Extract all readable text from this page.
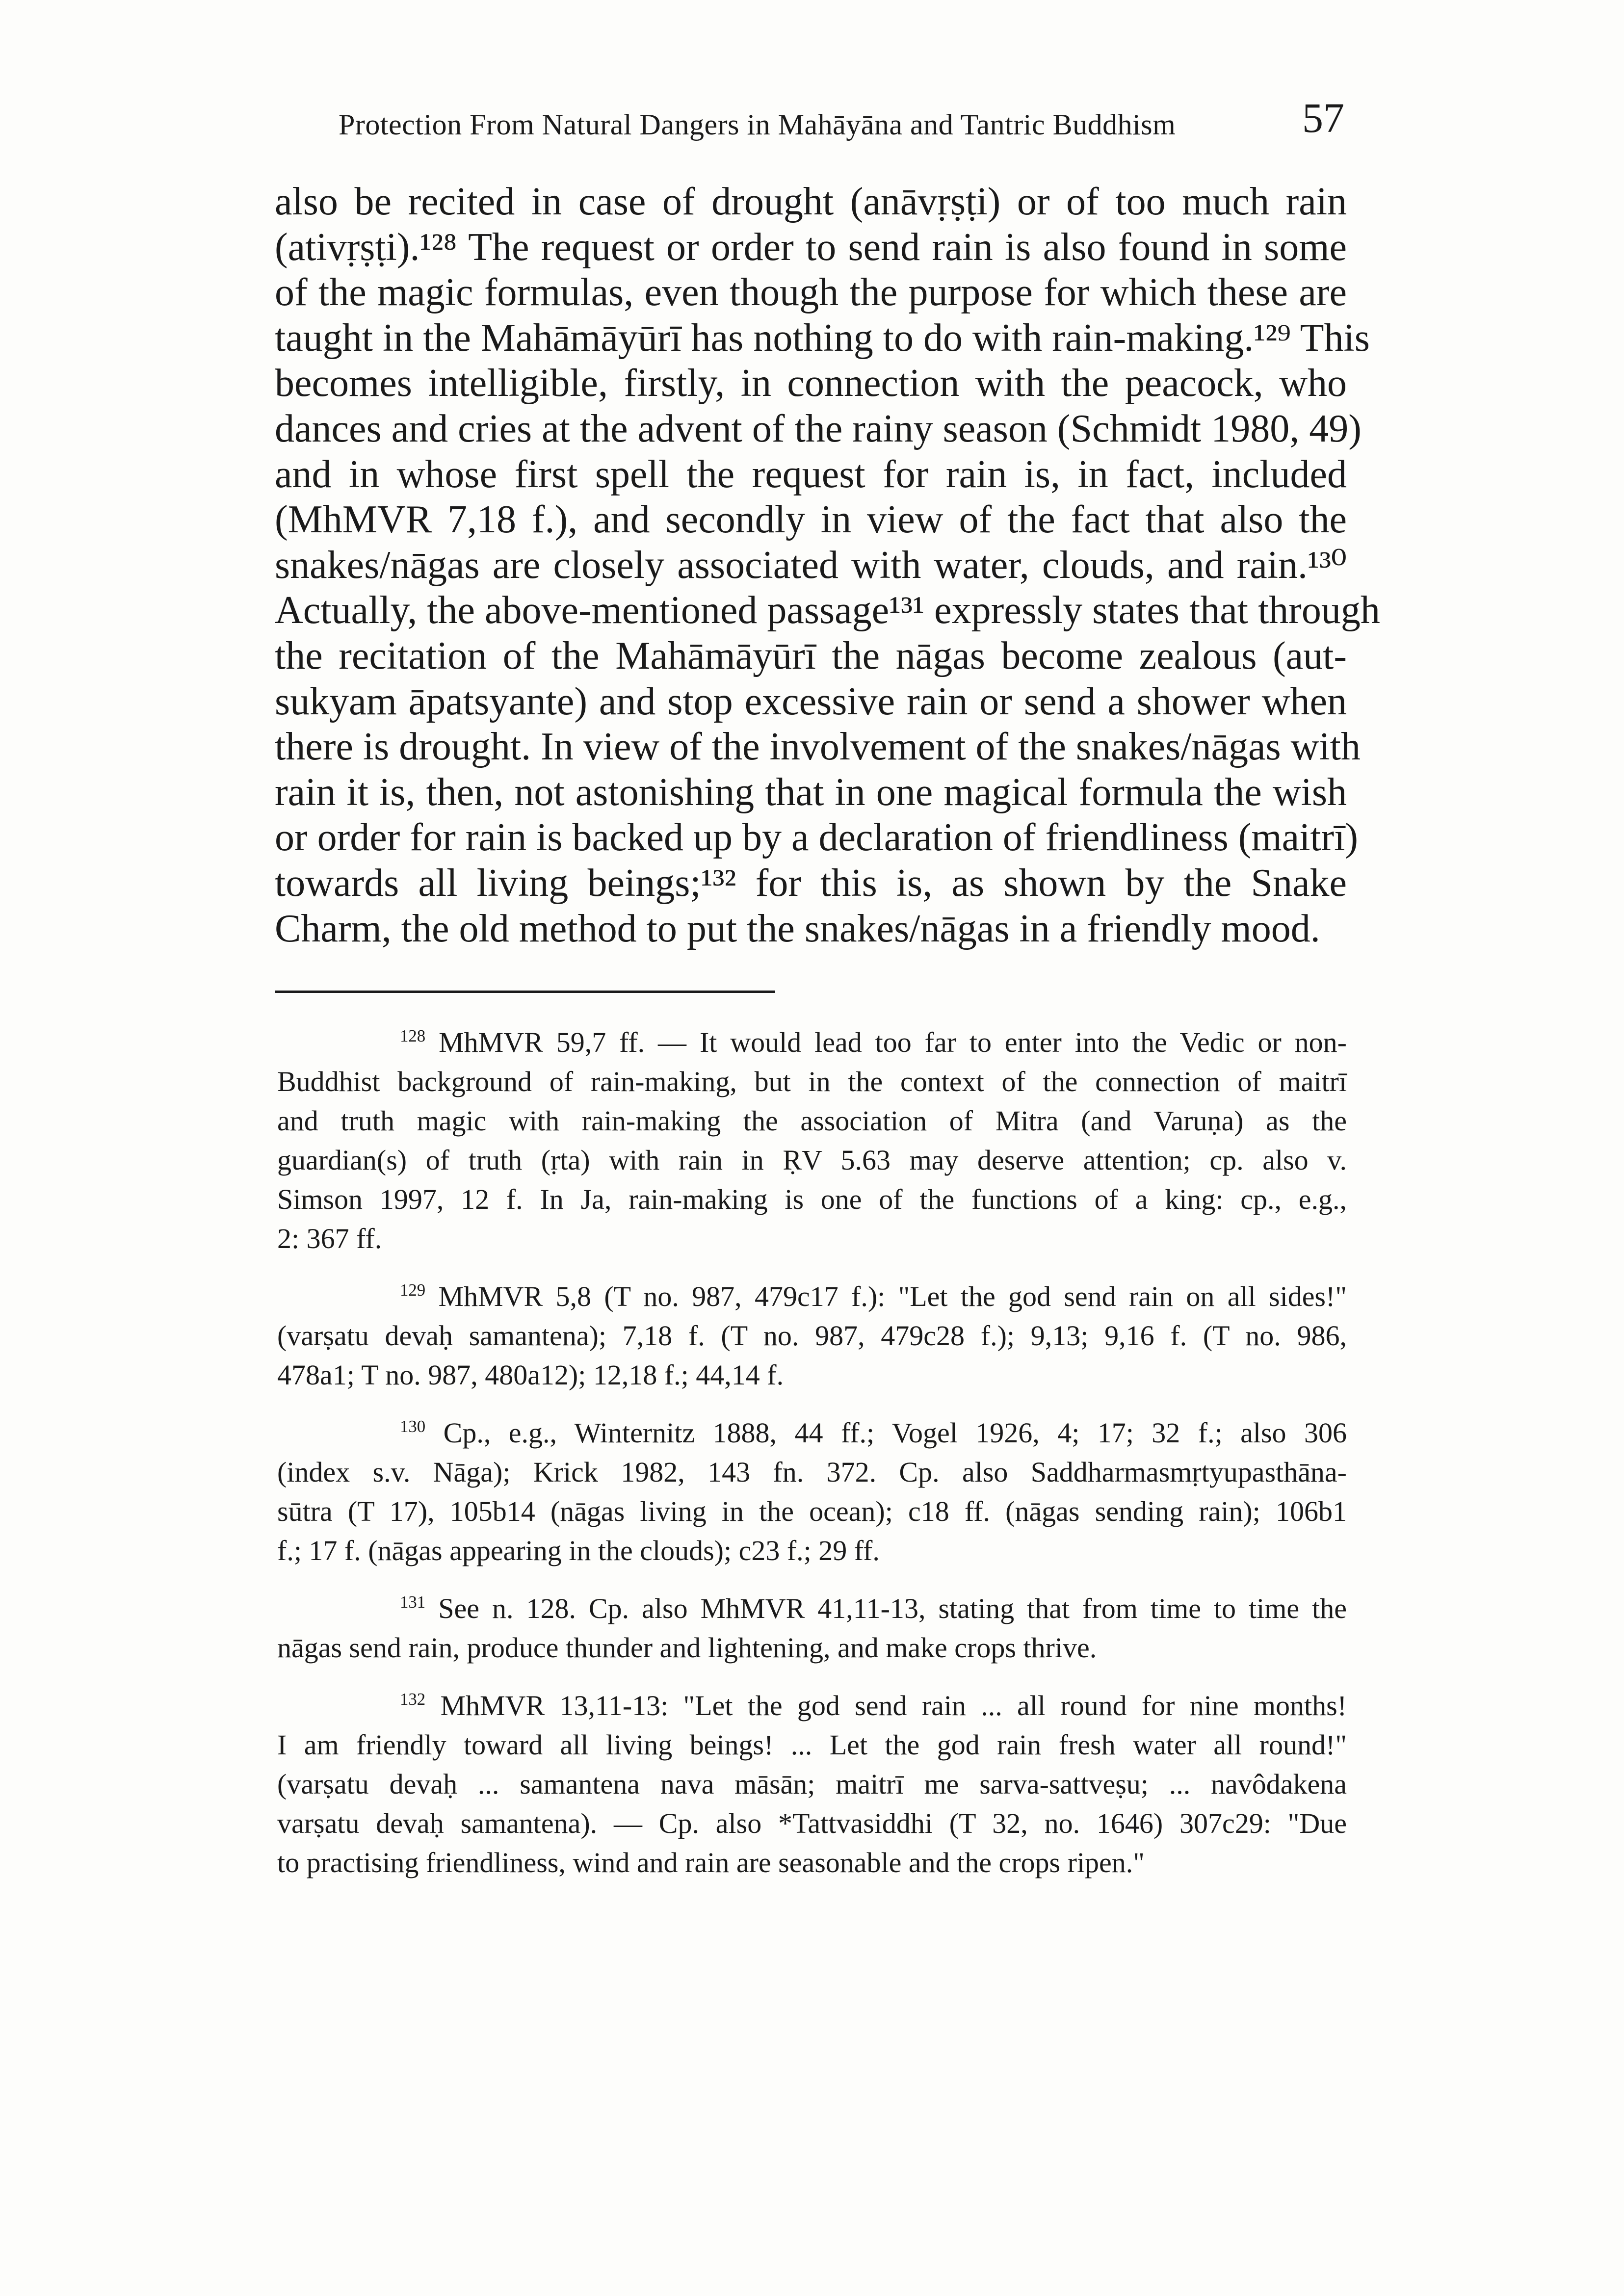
Protection From Natural Dangers in Mahāyāna and Tantric Buddhism	57
also be recited in case of drought (anāvṛṣṭi) or of too much rain
(ativṛṣṭi).¹²⁸ The request or order to send rain is also found in some
of the magic formulas, even though the purpose for which these are
taught in the Mahāmāyūrī has nothing to do with rain-making.¹²⁹ This
becomes intelligible, firstly, in connection with the peacock, who
dances and cries at the advent of the rainy season (Schmidt 1980, 49)
and in whose first spell the request for rain is, in fact, included
(MhMVR 7,18 f.), and secondly in view of the fact that also the
snakes/nāgas are closely associated with water, clouds, and rain.¹³⁰
Actually, the above-mentioned passage¹³¹ expressly states that through
the recitation of the Mahāmāyūrī the nāgas become zealous (aut-
sukyam āpatsyante) and stop excessive rain or send a shower when
there is drought. In view of the involvement of the snakes/nāgas with
rain it is, then, not astonishing that in one magical formula the wish
or order for rain is backed up by a declaration of friendliness (maitrī)
towards all living beings;¹³² for this is, as shown by the Snake
Charm, the old method to put the snakes/nāgas in a friendly mood.
$^{128}$ MhMVR 59,7 ff. — It would lead too far to enter into the Vedic or non-
Buddhist background of rain-making, but in the context of the connection of maitrī
and truth magic with rain-making the association of Mitra (and Varuṇa) as the
guardian(s) of truth (ṛta) with rain in ṚV 5.63 may deserve attention; cp. also v.
Simson 1997, 12 f. In Ja, rain-making is one of the functions of a king: cp., e.g.,
2: 367 ff.
$^{129}$ MhMVR 5,8 (T no. 987, 479c17 f.): "Let the god send rain on all sides!"
(varṣatu devaḥ samantena); 7,18 f. (T no. 987, 479c28 f.); 9,13; 9,16 f. (T no. 986,
478a1; T no. 987, 480a12); 12,18 f.; 44,14 f.
$^{130}$ Cp., e.g., Winternitz 1888, 44 ff.; Vogel 1926, 4; 17; 32 f.; also 306
(index s.v. Nāga); Krick 1982, 143 fn. 372. Cp. also Saddharmasmṛtyupasthāna-
sūtra (T 17), 105b14 (nāgas living in the ocean); c18 ff. (nāgas sending rain); 106b1
f.; 17 f. (nāgas appearing in the clouds); c23 f.; 29 ff.
$^{131}$ See n. 128. Cp. also MhMVR 41,11-13, stating that from time to time the
nāgas send rain, produce thunder and lightening, and make crops thrive.
$^{132}$ MhMVR 13,11-13: "Let the god send rain ... all round for nine months!
I am friendly toward all living beings! ... Let the god rain fresh water all round!"
(varṣatu devaḥ ... samantena nava māsān; maitrī me sarva-sattveṣu; ... navôdakena
varṣatu devaḥ samantena). — Cp. also *Tattvasiddhi (T 32, no. 1646) 307c29: "Due
to practising friendliness, wind and rain are seasonable and the crops ripen."
